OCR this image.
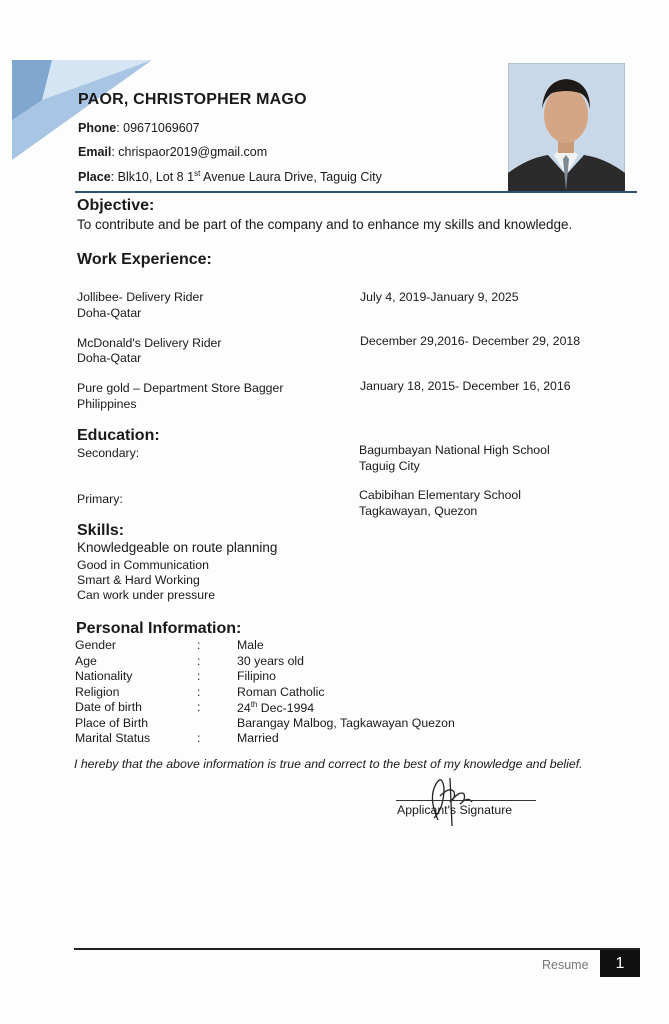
PAOR, CHRISTOPHER MAGO
Phone: 09671069607
Email: chrispaor2019@gmail.com
Place: Blk10, Lot 8 1st Avenue Laura Drive, Taguig City
Objective:
To contribute and be part of the company and to enhance my skills and knowledge.
Work Experience:
Jollibee- Delivery Rider
Doha-Qatar
July 4, 2019-January 9, 2025
McDonald's Delivery Rider
Doha-Qatar
December 29,2016- December 29, 2018
Pure gold – Department Store Bagger
Philippines
January 18, 2015- December 16, 2016
Education:
Secondary:	Bagumbayan National High School
Taguig City
Primary:	Cabibihan Elementary School
Tagkawayan, Quezon
Skills:
Knowledgeable on route planning
Good in Communication
Smart & Hard Working
Can work under pressure
Personal Information:
Gender	:	Male
Age	:	30 years old
Nationality	:	Filipino
Religion	:	Roman Catholic
Date of birth	:	24th Dec-1994
Place of Birth	Barangay Malbog, Tagkawayan Quezon
Marital Status	:	Married
I hereby that the above information is true and correct to the best of my knowledge and belief.
Applicant's Signature
Resume	1
